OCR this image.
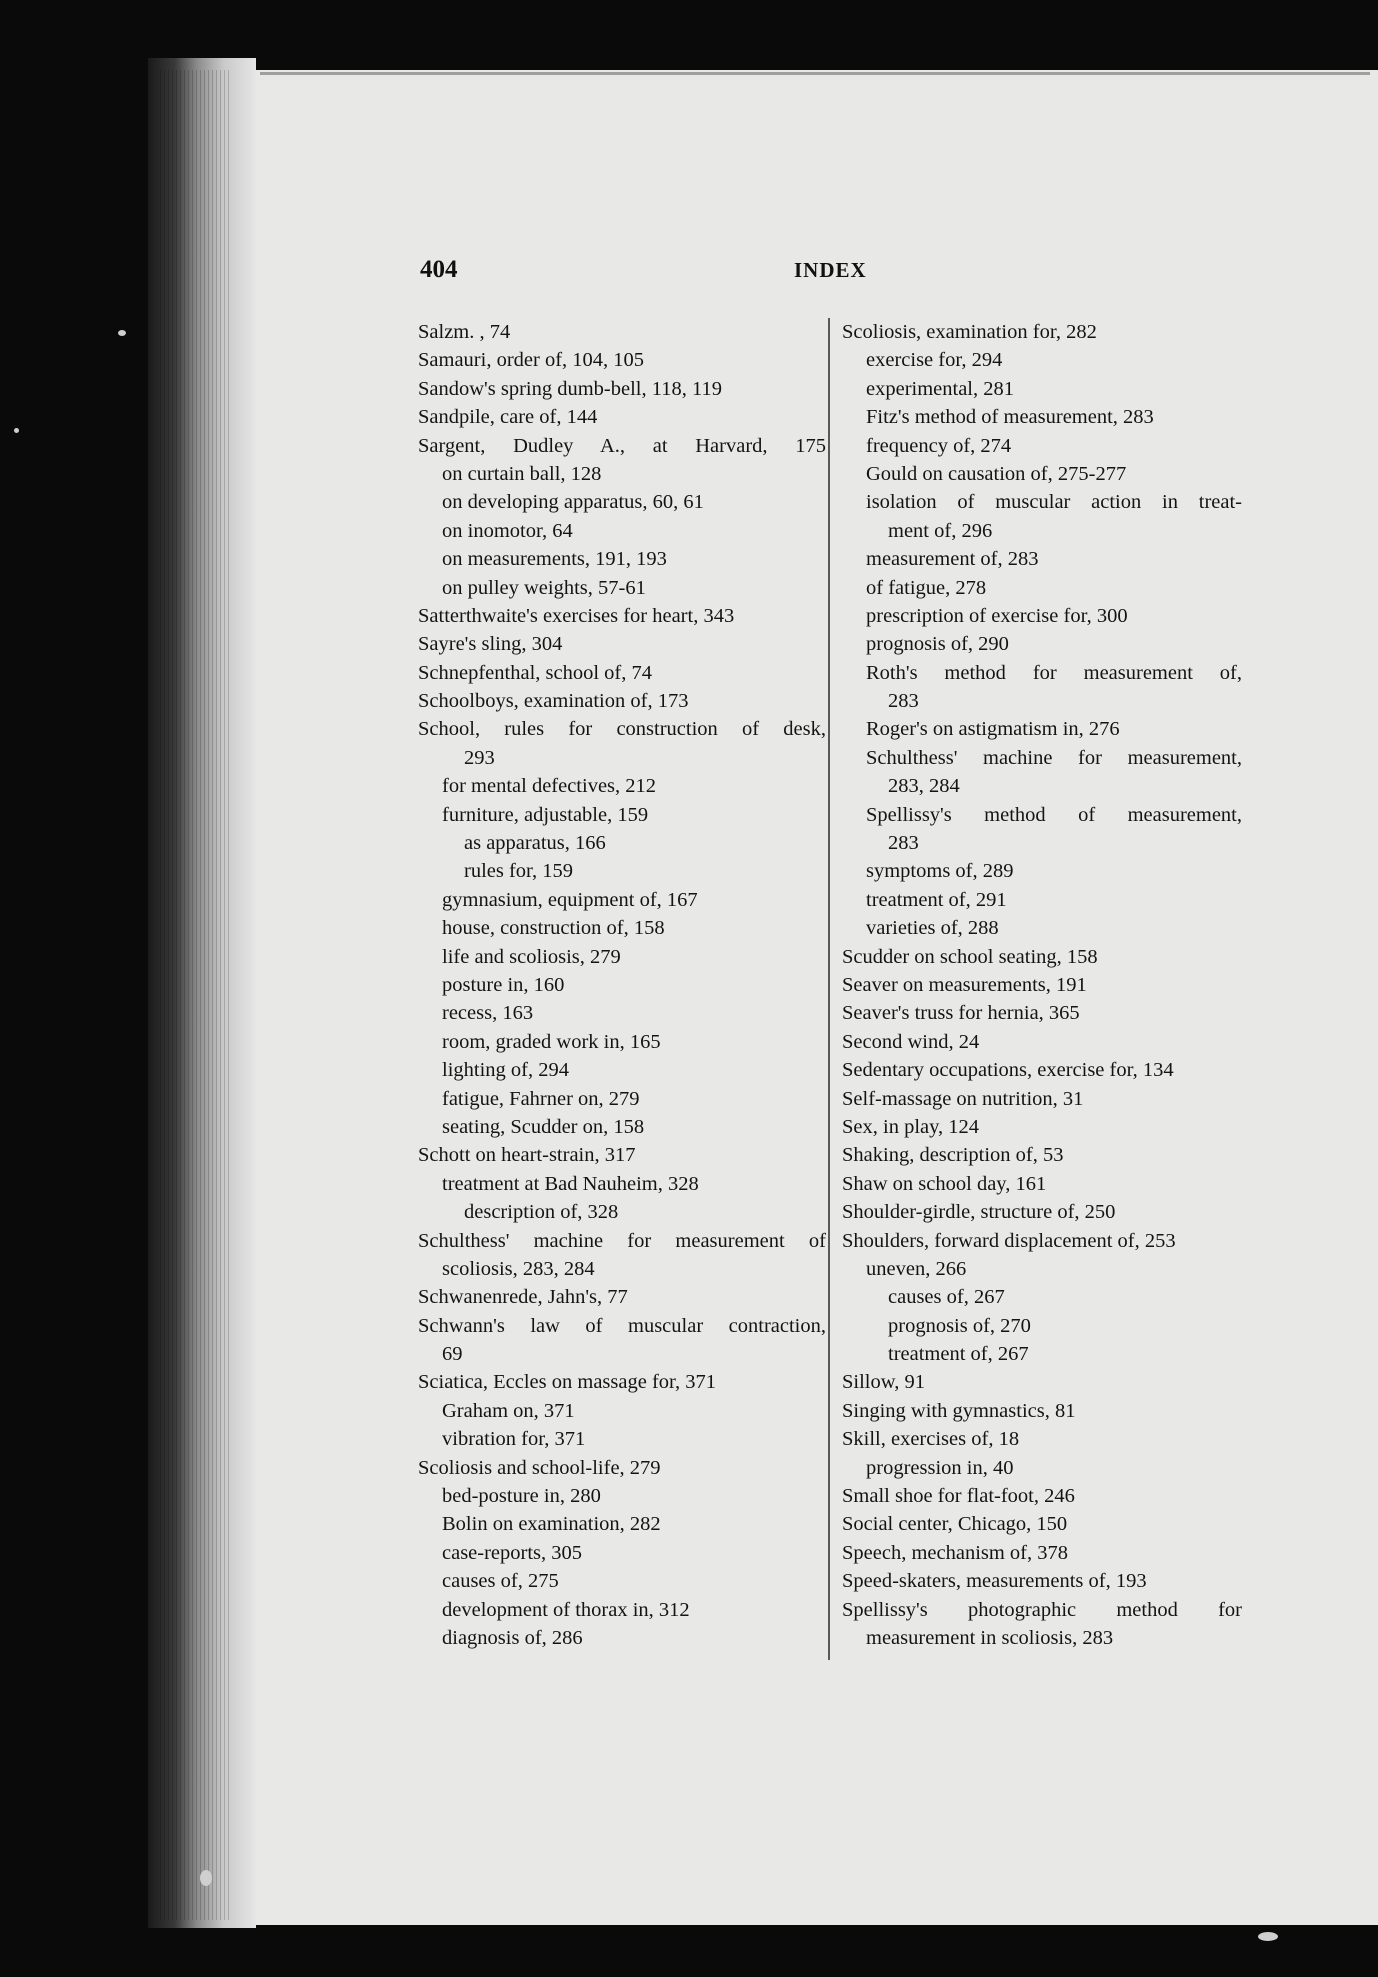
404	INDEX
Salzm. , 74
Samauri, order of, 104, 105
Sandow's spring dumb-bell, 118, 119
Sandpile, care of, 144
Sargent, Dudley A., at Harvard, 175
on curtain ball, 128
on developing apparatus, 60, 61
on inomotor, 64
on measurements, 191, 193
on pulley weights, 57-61
Satterthwaite's exercises for heart, 343
Sayre's sling, 304
Schnepfenthal, school of, 74
Schoolboys, examination of, 173
School, rules for construction of desk,
293
for mental defectives, 212
furniture, adjustable, 159
as apparatus, 166
rules for, 159
gymnasium, equipment of, 167
house, construction of, 158
life and scoliosis, 279
posture in, 160
recess, 163
room, graded work in, 165
lighting of, 294
fatigue, Fahrner on, 279
seating, Scudder on, 158
Schott on heart-strain, 317
treatment at Bad Nauheim, 328
description of, 328
Schulthess' machine for measurement of
scoliosis, 283, 284
Schwanenrede, Jahn's, 77
Schwann's law of muscular contraction,
69
Sciatica, Eccles on massage for, 371
Graham on, 371
vibration for, 371
Scoliosis and school-life, 279
bed-posture in, 280
Bolin on examination, 282
case-reports, 305
causes of, 275
development of thorax in, 312
diagnosis of, 286
Scoliosis, examination for, 282
exercise for, 294
experimental, 281
Fitz's method of measurement, 283
frequency of, 274
Gould on causation of, 275-277
isolation of muscular action in treat-
ment of, 296
measurement of, 283
of fatigue, 278
prescription of exercise for, 300
prognosis of, 290
Roth's method for measurement of,
283
Roger's on astigmatism in, 276
Schulthess' machine for measurement,
283, 284
Spellissy's method of measurement,
283
symptoms of, 289
treatment of, 291
varieties of, 288
Scudder on school seating, 158
Seaver on measurements, 191
Seaver's truss for hernia, 365
Second wind, 24
Sedentary occupations, exercise for, 134
Self-massage on nutrition, 31
Sex, in play, 124
Shaking, description of, 53
Shaw on school day, 161
Shoulder-girdle, structure of, 250
Shoulders, forward displacement of, 253
uneven, 266
causes of, 267
prognosis of, 270
treatment of, 267
Sillow, 91
Singing with gymnastics, 81
Skill, exercises of, 18
progression in, 40
Small shoe for flat-foot, 246
Social center, Chicago, 150
Speech, mechanism of, 378
Speed-skaters, measurements of, 193
Spellissy's photographic method for
measurement in scoliosis, 283
